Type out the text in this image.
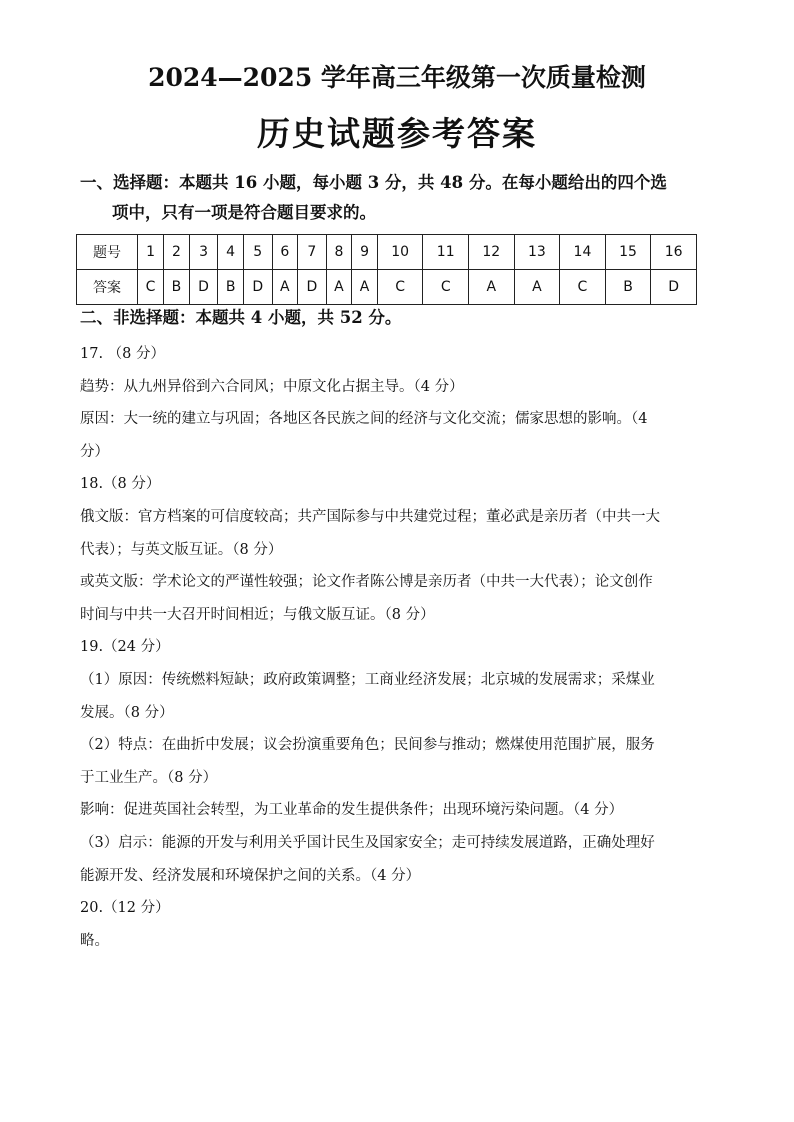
2024—2025 学年高三年级第一次质量检测
历史试题参考答案
一、选择题：本题共 16 小题，每小题 3 分，共 48 分。在每小题给出的四个选
项中，只有一项是符合题目要求的。
题号	1	2	3	4	5	6	7	8	9	10	11	12	13	14	15	16
答案	C	B	D	B	D	A	D	A	A	C	C	A	A	C	B	D
二、非选择题：本题共 4 小题，共 52 分。

17. （8 分）

趋势：从九州异俗到六合同风；中原文化占据主导。（4 分）

原因：大一统的建立与巩固；各地区各民族之间的经济与文化交流；儒家思想的影响。（4

分）

18.（8 分）

俄文版：官方档案的可信度较高；共产国际参与中共建党过程；董必武是亲历者（中共一大

代表）；与英文版互证。（8 分）

或英文版：学术论文的严谨性较强；论文作者陈公博是亲历者（中共一大代表）；论文创作

时间与中共一大召开时间相近；与俄文版互证。（8 分）

19.（24 分）

（1）原因：传统燃料短缺；政府政策调整；工商业经济发展；北京城的发展需求；采煤业

发展。（8 分）

（2）特点：在曲折中发展；议会扮演重要角色；民间参与推动；燃煤使用范围扩展，服务

于工业生产。（8 分）

影响：促进英国社会转型，为工业革命的发生提供条件；出现环境污染问题。（4 分）

（3）启示：能源的开发与利用关乎国计民生及国家安全；走可持续发展道路，正确处理好

能源开发、经济发展和环境保护之间的关系。（4 分）

20.（12 分）

略。
